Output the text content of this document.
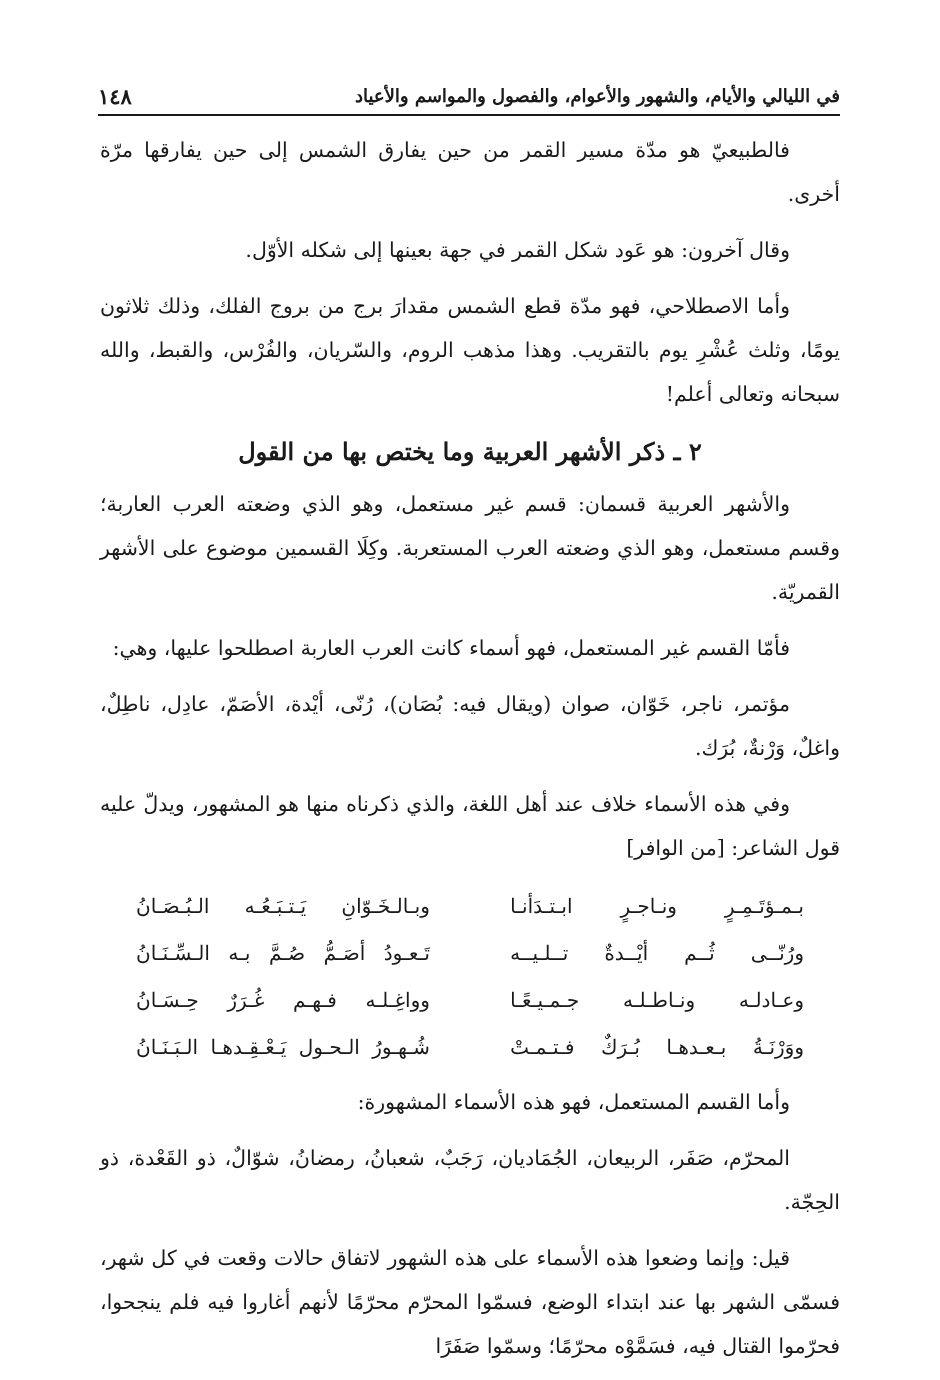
في الليالي والأيام، والشهور والأعوام، والفصول والمواسم والأعياد
١٤٨

فالطبيعيّ هو مدّة مسير القمر من حين يفارق الشمس إلى حين يفارقها مرّة أخرى.

وقال آخرون: هو عَود شكل القمر في جهة بعينها إلى شكله الأوّل.

وأما الاصطلاحي، فهو مدّة قطع الشمس مقدارَ برج من بروج الفلك، وذلك ثلاثون يومًا، وثلث عُشْرِ يوم بالتقريب. وهذا مذهب الروم، والسّريان، والفُرْس، والقبط، والله سبحانه وتعالى أعلم!

٢ ـ ذكر الأشهر العربية وما يختص بها من القول

والأشهر العربية قسمان: قسم غير مستعمل، وهو الذي وضعته العرب العاربة؛ وقسم مستعمل، وهو الذي وضعته العرب المستعربة. وكِلَا القسمين موضوع على الأشهر القمريّة.

فأمّا القسم غير المستعمل، فهو أسماء كانت العرب العاربة اصطلحوا عليها، وهي:

مؤتمر، ناجر، خَوّان، صوان (ويقال فيه: بُصَان)، رُنّى، أيْدة، الأصَمّ، عادِل، ناطِلٌ، واغلٌ، وَرْنةٌ، بُرَك.

وفي هذه الأسماء خلاف عند أهل اللغة، والذي ذكرناه منها هو المشهور، ويدلّ عليه قول الشاعر: [من الوافر]

بـمـؤتَـمِـرٍ ونـاجـرٍ ابـتـدَأنـا
وبـالـخَـوّانِ يَـتـبَـعُـه الـبُـصَـانُ
ورُنّــى ثُــم أيْــدةٌ تــلـيــه
تَـعـودُ أصَـمُّ صُـمَّ بـه الـسِّـنَـانُ
وعـادلـه ونـاطـلـه جـمـيـعًـا
وواغِـلـه فـهـم غُـرَرٌ حِـسَـانُ
ووَرْنَـةُ بـعـدهـا بُـرَكٌ فـتـمـتْ
شُـهـورُ الـحـول يَـعْـقِـدهـا الـبَـنَـانُ

وأما القسم المستعمل، فهو هذه الأسماء المشهورة:

المحرّم، صَفَر، الربيعان، الجُمَاديان، رَجَبٌ، شعبانُ، رمضانُ، شوّالٌ، ذو القَعْدة، ذو الحِجّة.

قيل: وإنما وضعوا هذه الأسماء على هذه الشهور لاتفاق حالات وقعت في كل شهر، فسمّى الشهر بها عند ابتداء الوضع، فسمّوا المحرّم محرّمًا لأنهم أغاروا فيه فلم ينجحوا، فحرّموا القتال فيه، فسَمَّوْه محرّمًا؛ وسمّوا صَفَرًا
